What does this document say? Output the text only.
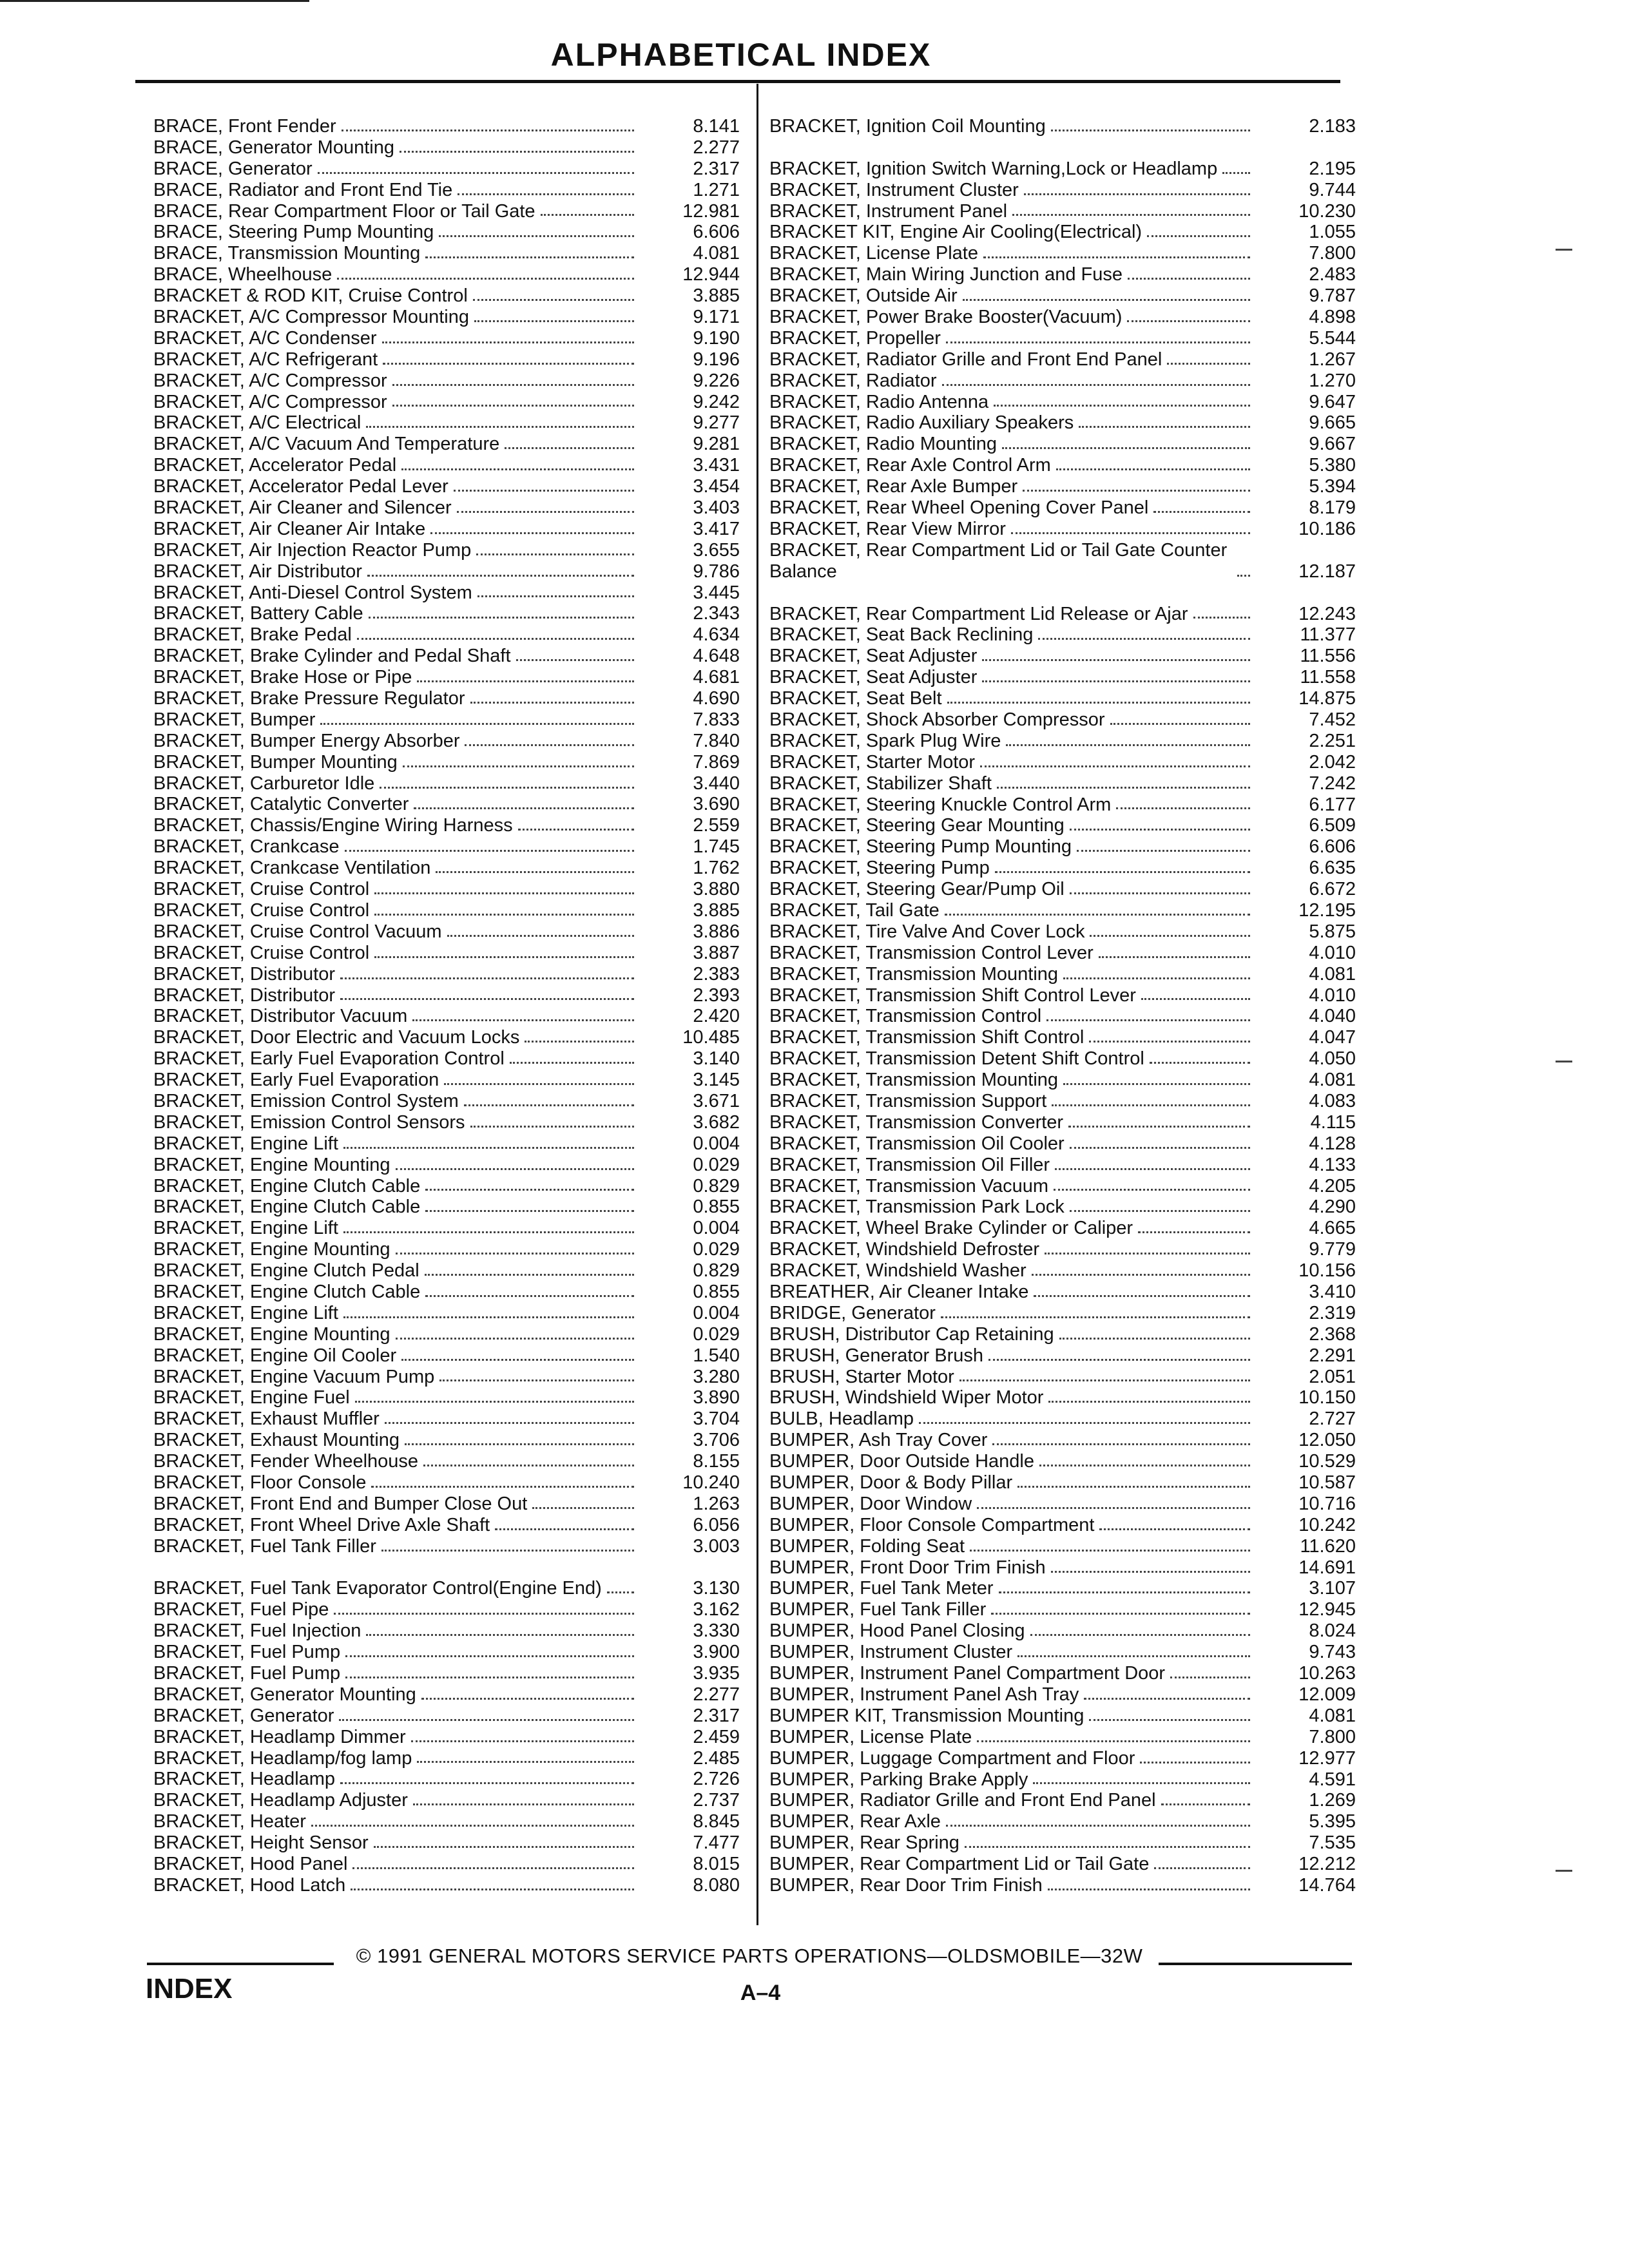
ALPHABETICAL INDEX
BRACE, Front Fender	8.141
BRACE, Generator Mounting	2.277
BRACE, Generator	2.317
BRACE, Radiator and Front End Tie	1.271
BRACE, Rear Compartment Floor or Tail Gate	12.981
BRACE, Steering Pump Mounting	6.606
BRACE, Transmission Mounting	4.081
BRACE, Wheelhouse	12.944
BRACKET & ROD KIT, Cruise Control	3.885
BRACKET, A/C Compressor Mounting	9.171
BRACKET, A/C Condenser	9.190
BRACKET, A/C Refrigerant	9.196
BRACKET, A/C Compressor	9.226
BRACKET, A/C Compressor	9.242
BRACKET, A/C Electrical	9.277
BRACKET, A/C Vacuum And Temperature	9.281
BRACKET, Accelerator Pedal	3.431
BRACKET, Accelerator Pedal Lever	3.454
BRACKET, Air Cleaner and Silencer	3.403
BRACKET, Air Cleaner Air Intake	3.417
BRACKET, Air Injection Reactor Pump	3.655
BRACKET, Air Distributor	9.786
BRACKET, Anti-Diesel Control System	3.445
BRACKET, Battery Cable	2.343
BRACKET, Brake Pedal	4.634
BRACKET, Brake Cylinder and Pedal Shaft	4.648
BRACKET, Brake Hose or Pipe	4.681
BRACKET, Brake Pressure Regulator	4.690
BRACKET, Bumper	7.833
BRACKET, Bumper Energy Absorber	7.840
BRACKET, Bumper Mounting	7.869
BRACKET, Carburetor Idle	3.440
BRACKET, Catalytic Converter	3.690
BRACKET, Chassis/Engine Wiring Harness	2.559
BRACKET, Crankcase	1.745
BRACKET, Crankcase Ventilation	1.762
BRACKET, Cruise Control	3.880
BRACKET, Cruise Control	3.885
BRACKET, Cruise Control Vacuum	3.886
BRACKET, Cruise Control	3.887
BRACKET, Distributor	2.383
BRACKET, Distributor	2.393
BRACKET, Distributor Vacuum	2.420
BRACKET, Door Electric and Vacuum Locks	10.485
BRACKET, Early Fuel Evaporation Control	3.140
BRACKET, Early Fuel Evaporation	3.145
BRACKET, Emission Control System	3.671
BRACKET, Emission Control Sensors	3.682
BRACKET, Engine Lift	0.004
BRACKET, Engine Mounting	0.029
BRACKET, Engine Clutch Cable	0.829
BRACKET, Engine Clutch Cable	0.855
BRACKET, Engine Lift	0.004
BRACKET, Engine Mounting	0.029
BRACKET, Engine Clutch Pedal	0.829
BRACKET, Engine Clutch Cable	0.855
BRACKET, Engine Lift	0.004
BRACKET, Engine Mounting	0.029
BRACKET, Engine Oil Cooler	1.540
BRACKET, Engine Vacuum Pump	3.280
BRACKET, Engine Fuel	3.890
BRACKET, Exhaust Muffler	3.704
BRACKET, Exhaust Mounting	3.706
BRACKET, Fender Wheelhouse	8.155
BRACKET, Floor Console	10.240
BRACKET, Front End and Bumper Close Out	1.263
BRACKET, Front Wheel Drive Axle Shaft	6.056
BRACKET, Fuel Tank Filler	3.003
BRACKET, Fuel Tank Evaporator Control(Engine End)	3.130
BRACKET, Fuel Pipe	3.162
BRACKET, Fuel Injection	3.330
BRACKET, Fuel Pump	3.900
BRACKET, Fuel Pump	3.935
BRACKET, Generator Mounting	2.277
BRACKET, Generator	2.317
BRACKET, Headlamp Dimmer	2.459
BRACKET, Headlamp/fog lamp	2.485
BRACKET, Headlamp	2.726
BRACKET, Headlamp Adjuster	2.737
BRACKET, Heater	8.845
BRACKET, Height Sensor	7.477
BRACKET, Hood Panel	8.015
BRACKET, Hood Latch	8.080
BRACKET, Ignition Coil Mounting	2.183
BRACKET, Ignition Switch Warning,Lock or Headlamp	2.195
BRACKET, Instrument Cluster	9.744
BRACKET, Instrument Panel	10.230
BRACKET KIT, Engine Air Cooling(Electrical)	1.055
BRACKET, License Plate	7.800
BRACKET, Main Wiring Junction and Fuse	2.483
BRACKET, Outside Air	9.787
BRACKET, Power Brake Booster(Vacuum)	4.898
BRACKET, Propeller	5.544
BRACKET, Radiator Grille and Front End Panel	1.267
BRACKET, Radiator	1.270
BRACKET, Radio Antenna	9.647
BRACKET, Radio Auxiliary Speakers	9.665
BRACKET, Radio Mounting	9.667
BRACKET, Rear Axle Control Arm	5.380
BRACKET, Rear Axle Bumper	5.394
BRACKET, Rear Wheel Opening Cover Panel	8.179
BRACKET, Rear View Mirror	10.186
BRACKET, Rear Compartment Lid or Tail Gate Counter Balance	12.187
BRACKET, Rear Compartment Lid Release or Ajar	12.243
BRACKET, Seat Back Reclining	11.377
BRACKET, Seat Adjuster	11.556
BRACKET, Seat Adjuster	11.558
BRACKET, Seat Belt	14.875
BRACKET, Shock Absorber Compressor	7.452
BRACKET, Spark Plug Wire	2.251
BRACKET, Starter Motor	2.042
BRACKET, Stabilizer Shaft	7.242
BRACKET, Steering Knuckle Control Arm	6.177
BRACKET, Steering Gear Mounting	6.509
BRACKET, Steering Pump Mounting	6.606
BRACKET, Steering Pump	6.635
BRACKET, Steering Gear/Pump Oil	6.672
BRACKET, Tail Gate	12.195
BRACKET, Tire Valve And Cover Lock	5.875
BRACKET, Transmission Control Lever	4.010
BRACKET, Transmission Mounting	4.081
BRACKET, Transmission Shift Control Lever	4.010
BRACKET, Transmission Control	4.040
BRACKET, Transmission Shift Control	4.047
BRACKET, Transmission Detent Shift Control	4.050
BRACKET, Transmission Mounting	4.081
BRACKET, Transmission Support	4.083
BRACKET, Transmission Converter	4.115
BRACKET, Transmission Oil Cooler	4.128
BRACKET, Transmission Oil Filler	4.133
BRACKET, Transmission Vacuum	4.205
BRACKET, Transmission Park Lock	4.290
BRACKET, Wheel Brake Cylinder or Caliper	4.665
BRACKET, Windshield Defroster	9.779
BRACKET, Windshield Washer	10.156
BREATHER, Air Cleaner Intake	3.410
BRIDGE, Generator	2.319
BRUSH, Distributor Cap Retaining	2.368
BRUSH, Generator Brush	2.291
BRUSH, Starter Motor	2.051
BRUSH, Windshield Wiper Motor	10.150
BULB, Headlamp	2.727
BUMPER, Ash Tray Cover	12.050
BUMPER, Door Outside Handle	10.529
BUMPER, Door & Body Pillar	10.587
BUMPER, Door Window	10.716
BUMPER, Floor Console Compartment	10.242
BUMPER, Folding Seat	11.620
BUMPER, Front Door Trim Finish	14.691
BUMPER, Fuel Tank Meter	3.107
BUMPER, Fuel Tank Filler	12.945
BUMPER, Hood Panel Closing	8.024
BUMPER, Instrument Cluster	9.743
BUMPER, Instrument Panel Compartment Door	10.263
BUMPER, Instrument Panel Ash Tray	12.009
BUMPER KIT, Transmission Mounting	4.081
BUMPER, License Plate	7.800
BUMPER, Luggage Compartment and Floor	12.977
BUMPER, Parking Brake Apply	4.591
BUMPER, Radiator Grille and Front End Panel	1.269
BUMPER, Rear Axle	5.395
BUMPER, Rear Spring	7.535
BUMPER, Rear Compartment Lid or Tail Gate	12.212
BUMPER, Rear Door Trim Finish	14.764
© 1991 GENERAL MOTORS SERVICE PARTS OPERATIONS—OLDSMOBILE—32W
INDEX	A–4
